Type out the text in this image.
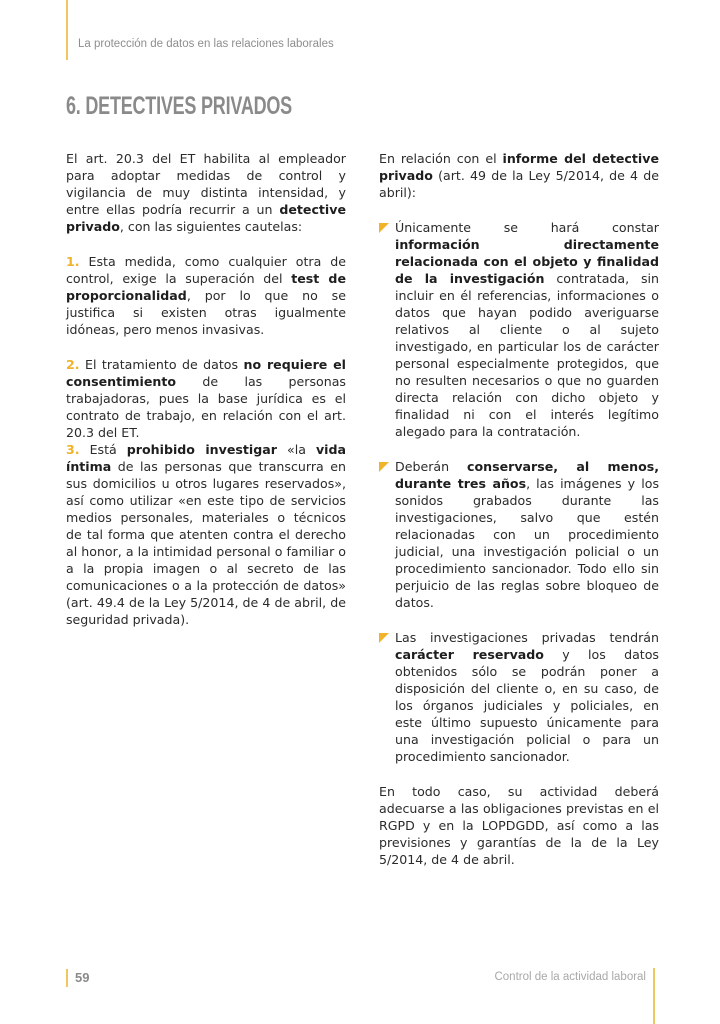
La protección de datos en las relaciones laborales
6. DETECTIVES PRIVADOS

El art. 20.3 del ET habilita al empleador para adoptar medidas de control y vigilancia de muy distinta intensidad, y entre ellas podría recurrir a un detective privado, con las siguientes cautelas:

1. Esta medida, como cualquier otra de control, exige la superación del test de proporcionalidad, por lo que no se justifica si existen otras igualmente idóneas, pero menos invasivas.

2. El tratamiento de datos no requiere el consentimiento de las personas trabajadoras, pues la base jurídica es el contrato de trabajo, en relación con el art. 20.3 del ET.

3. Está prohibido investigar «la vida íntima de las personas que transcurra en sus domicilios u otros lugares reservados», así como utilizar «en este tipo de servicios medios personales, materiales o técnicos de tal forma que atenten contra el derecho al honor, a la intimidad personal o familiar o a la propia imagen o al secreto de las comunicaciones o a la protección de datos» (art. 49.4 de la Ley 5/2014, de 4 de abril, de seguridad privada).

En relación con el informe del detective privado (art. 49 de la Ley 5/2014, de 4 de abril):

Únicamente se hará constar información directamente relacionada con el objeto y finalidad de la investigación contratada, sin incluir en él referencias, informaciones o datos que hayan podido averiguarse relativos al cliente o al sujeto investigado, en particular los de carácter personal especialmente protegidos, que no resulten necesarios o que no guarden directa relación con dicho objeto y finalidad ni con el interés legítimo alegado para la contratación.

Deberán conservarse, al menos, durante tres años, las imágenes y los sonidos grabados durante las investigaciones, salvo que estén relacionadas con un procedimiento judicial, una investigación policial o un procedimiento sancionador. Todo ello sin perjuicio de las reglas sobre bloqueo de datos.

Las investigaciones privadas tendrán carácter reservado y los datos obtenidos sólo se podrán poner a disposición del cliente o, en su caso, de los órganos judiciales y policiales, en este último supuesto únicamente para una investigación policial o para un procedimiento sancionador.

En todo caso, su actividad deberá adecuarse a las obligaciones previstas en el RGPD y en la LOPDGDD, así como a las previsiones y garantías de la de la Ley 5/2014, de 4 de abril.

59	Control de la actividad laboral
